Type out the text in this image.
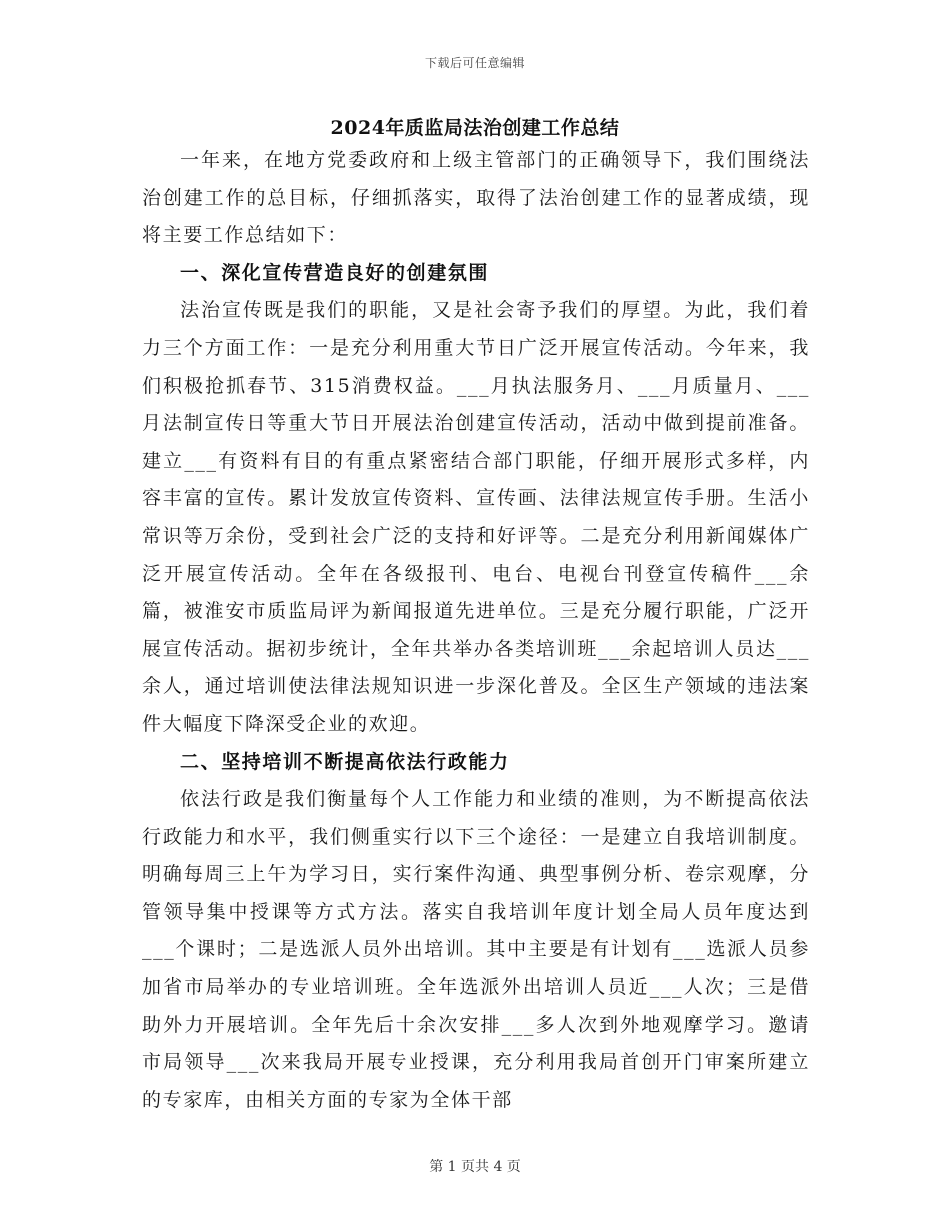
下载后可任意编辑
2024年质监局法治创建工作总结

一年来，在地方党委政府和上级主管部门的正确领导下，我们围绕法治创建工作的总目标，仔细抓落实，取得了法治创建工作的显著成绩，现将主要工作总结如下：

一、深化宣传营造良好的创建氛围

法治宣传既是我们的职能，又是社会寄予我们的厚望。为此，我们着力三个方面工作：一是充分利用重大节日广泛开展宣传活动。今年来，我们积极抢抓春节、315消费权益。___月执法服务月、___月质量月、___月法制宣传日等重大节日开展法治创建宣传活动，活动中做到提前准备。建立___有资料有目的有重点紧密结合部门职能，仔细开展形式多样，内容丰富的宣传。累计发放宣传资料、宣传画、法律法规宣传手册。生活小常识等万余份，受到社会广泛的支持和好评等。二是充分利用新闻媒体广泛开展宣传活动。全年在各级报刊、电台、电视台刊登宣传稿件___余篇，被淮安市质监局评为新闻报道先进单位。三是充分履行职能，广泛开展宣传活动。据初步统计，全年共举办各类培训班___余起培训人员达___余人，通过培训使法律法规知识进一步深化普及。全区生产领域的违法案件大幅度下降深受企业的欢迎。

二、坚持培训不断提高依法行政能力

依法行政是我们衡量每个人工作能力和业绩的准则，为不断提高依法行政能力和水平，我们侧重实行以下三个途径：一是建立自我培训制度。明确每周三上午为学习日，实行案件沟通、典型事例分析、卷宗观摩，分管领导集中授课等方式方法。落实自我培训年度计划全局人员年度达到___个课时；二是选派人员外出培训。其中主要是有计划有___选派人员参加省市局举办的专业培训班。全年选派外出培训人员近___人次；三是借助外力开展培训。全年先后十余次安排___多人次到外地观摩学习。邀请市局领导___次来我局开展专业授课，充分利用我局首创开门审案所建立的专家库，由相关方面的专家为全体干部

第 1 页共 4 页
